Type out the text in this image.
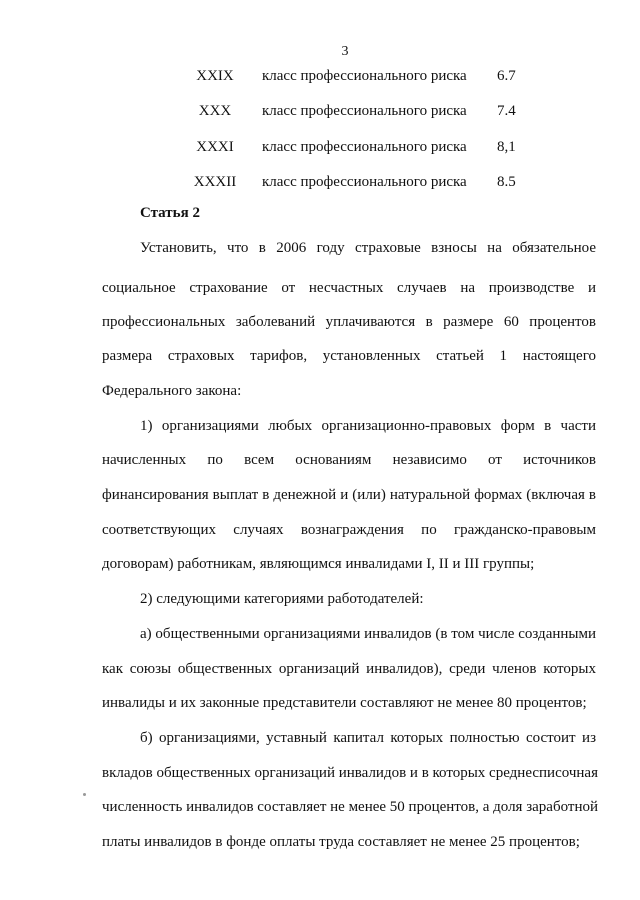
3
XXIX	класс профессионального риска 6.7
XXX	класс профессионального риска 7.4
XXXI	класс профессионального риска 8,1
XXXII класс профессионального риска 8.5
Статья 2
Установить, что в 2006 году страховые взносы на обязательное
социальное страхование от несчастных случаев на производстве и
профессиональных заболеваний уплачиваются в размере 60 процентов
размера страховых тарифов, установленных статьей 1 настоящего
Федерального закона:
1) организациями любых организационно-правовых форм в части
начисленных по всем основаниям независимо от источников
финансирования выплат в денежной и (или) натуральной формах (включая в
соответствующих случаях вознаграждения по гражданско-правовым
договорам) работникам, являющимся инвалидами I, II и III группы;
2) следующими категориями работодателей:
а) общественными организациями инвалидов (в том числе созданными
как союзы общественных организаций инвалидов), среди членов которых
инвалиды и их законные представители составляют не менее 80 процентов;
б) организациями, уставный капитал которых полностью состоит из
вкладов общественных организаций инвалидов и в которых среднесписочная
численность инвалидов составляет не менее 50 процентов, а доля заработной
платы инвалидов в фонде оплаты труда составляет не менее 25 процентов;
